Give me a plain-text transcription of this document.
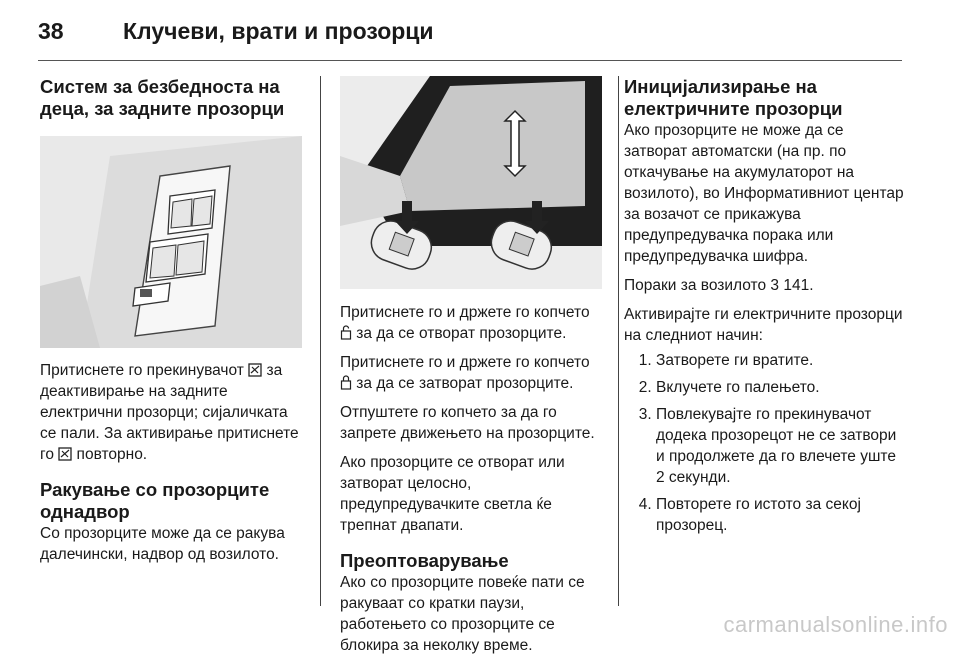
38	Клучеви, врати и прозорци
Систем за безбедноста на деца, за задните прозорци

Притиснете го прекинувачот  за деактивирање на задните електрични прозорци; сијаличката се пали. За активирање притиснете го  повторно.

Ракување со прозорците однадвор

Со прозорците може да се ракува далечински, надвор од возилото.

Притиснете го и држете го копчето  за да се отворат прозорците.

Притиснете го и држете го копчето  за да се затворат прозорците.

Отпуштете го копчето за да го запрете движењето на прозорците.

Ако прозорците се отворат или затворат целосно, предупредувачките светла ќе трепнат двапати.

Преоптоварување

Ако со прозорците повеќе пати се ракуваат со кратки паузи, работењето со прозорците се блокира за неколку време.

Иницијализирање на електричните прозорци

Ако прозорците не може да се затворат автоматски (на пр. по откачување на акумулаторот на возилото), во Информативниот центар за возачот се прикажува предупредувачка порака или предупредувачка шифра.

Пораки за возилото 3 141.

Активирајте ги електричните прозорци на следниот начин:

1. Затворете ги вратите.
2. Вклучете го палењето.
3. Повлекувајте го прекинувачот додека прозорецот не се затвори и продолжете да го влечете уште 2 секунди.
4. Повторете го истото за секој прозорец.
carmanualsonline.info
